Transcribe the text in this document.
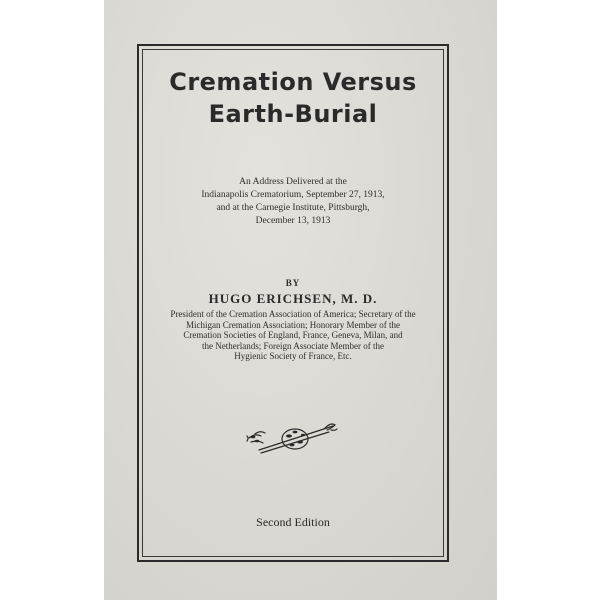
Cremation Versus
Earth-Burial
An Address Delivered at the
Indianapolis Crematorium, September 27, 1913,
and at the Carnegie Institute, Pittsburgh,
December 13, 1913
BY
HUGO ERICHSEN, M. D.
President of the Cremation Association of America; Secretary of the
Michigan Cremation Association; Honorary Member of the
Cremation Societies of England, France, Geneva, Milan, and
the Netherlands; Foreign Associate Member of the
Hygienic Society of France, Etc.
Second Edition
